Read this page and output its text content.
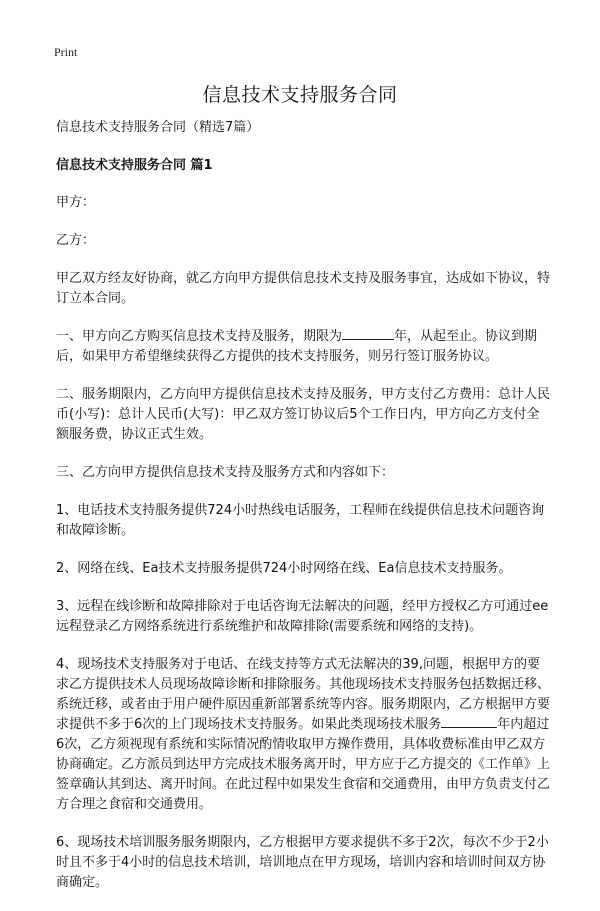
Print
信息技术支持服务合同

信息技术支持服务合同（精选7篇）

信息技术支持服务合同 篇1

甲方：

乙方：

甲乙双方经友好协商，就乙方向甲方提供信息技术支持及服务事宜，达成如下协议，特订立本合同。

一、甲方向乙方购买信息技术支持及服务，期限为	年，从起至止。协议到期后，如果甲方希望继续获得乙方提供的技术支持服务，则另行签订服务协议。

二、服务期限内，乙方向甲方提供信息技术支持及服务，甲方支付乙方费用：总计人民币(小写)：总计人民币(大写)：甲乙双方签订协议后5个工作日内，甲方向乙方支付全额服务费，协议正式生效。

三、乙方向甲方提供信息技术支持及服务方式和内容如下：

1、电话技术支持服务提供724小时热线电话服务，工程师在线提供信息技术问题咨询和故障诊断。

2、网络在线、Ea技术支持服务提供724小时网络在线、Ea信息技术支持服务。

3、远程在线诊断和故障排除对于电话咨询无法解决的问题，经甲方授权乙方可通过ee远程登录乙方网络系统进行系统维护和故障排除(需要系统和网络的支持)。

4、现场技术支持服务对于电话、在线支持等方式无法解决的39,问题，根据甲方的要求乙方提供技术人员现场故障诊断和排除服务。其他现场技术支持服务包括数据迁移、系统迁移，或者由于用户硬件原因重新部署系统等内容。服务期限内，乙方根据甲方要求提供不多于6次的上门现场技术支持服务。如果此类现场技术服务	年内超过6次，乙方须视现有系统和实际情况酌情收取甲方操作费用，具体收费标准由甲乙双方协商确定。乙方派员到达甲方完成技术服务离开时，甲方应于乙方提交的《工作单》上签章确认其到达、离开时间。在此过程中如果发生食宿和交通费用，由甲方负责支付乙方合理之食宿和交通费用。

6、现场技术培训服务服务期限内，乙方根据甲方要求提供不多于2次，每次不少于2小时且不多于4小时的信息技术培训，培训地点在甲方现场，培训内容和培训时间双方协商确定。
